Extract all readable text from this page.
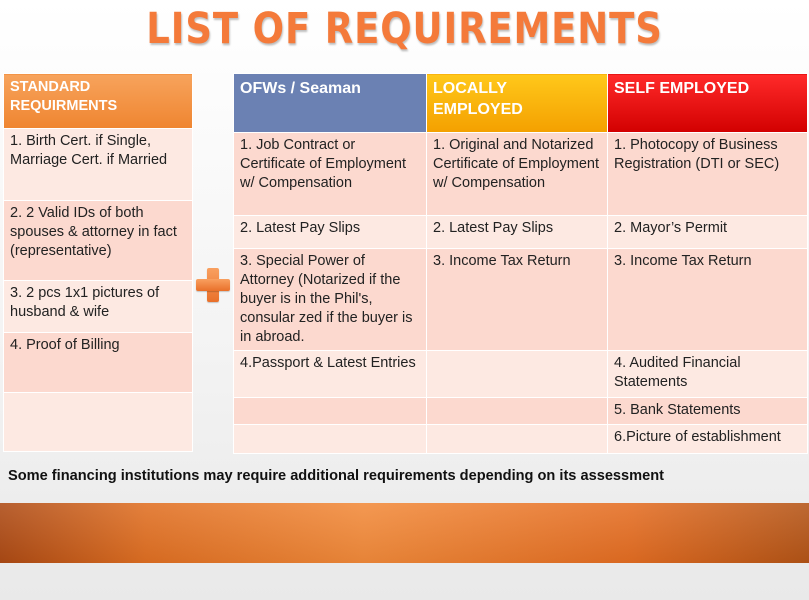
LIST OF REQUIREMENTS
STANDARD REQUIRMENTS
1. Birth Cert. if Single, Marriage Cert. if Married
2. 2 Valid IDs of both spouses & attorney in fact (representative)
3. 2 pcs 1x1 pictures of husband & wife
4. Proof of Billing

OFWs / Seaman	LOCALLY EMPLOYED	SELF EMPLOYED
1. Job Contract or Certificate of Employment w/ Compensation	1. Original and Notarized Certificate of Employment w/ Compensation	1. Photocopy of Business Registration (DTI or SEC)
2. Latest Pay Slips	2. Latest Pay Slips	2. Mayor’s Permit
3. Special Power of Attorney (Notarized if the buyer is in the Phil's, consular zed if the buyer is in abroad.	3. Income Tax Return	3. Income Tax Return
4.Passport & Latest Entries		4. Audited Financial Statements
		5. Bank Statements
		6.Picture of establishment
Some financing institutions may require additional requirements depending on its assessment
